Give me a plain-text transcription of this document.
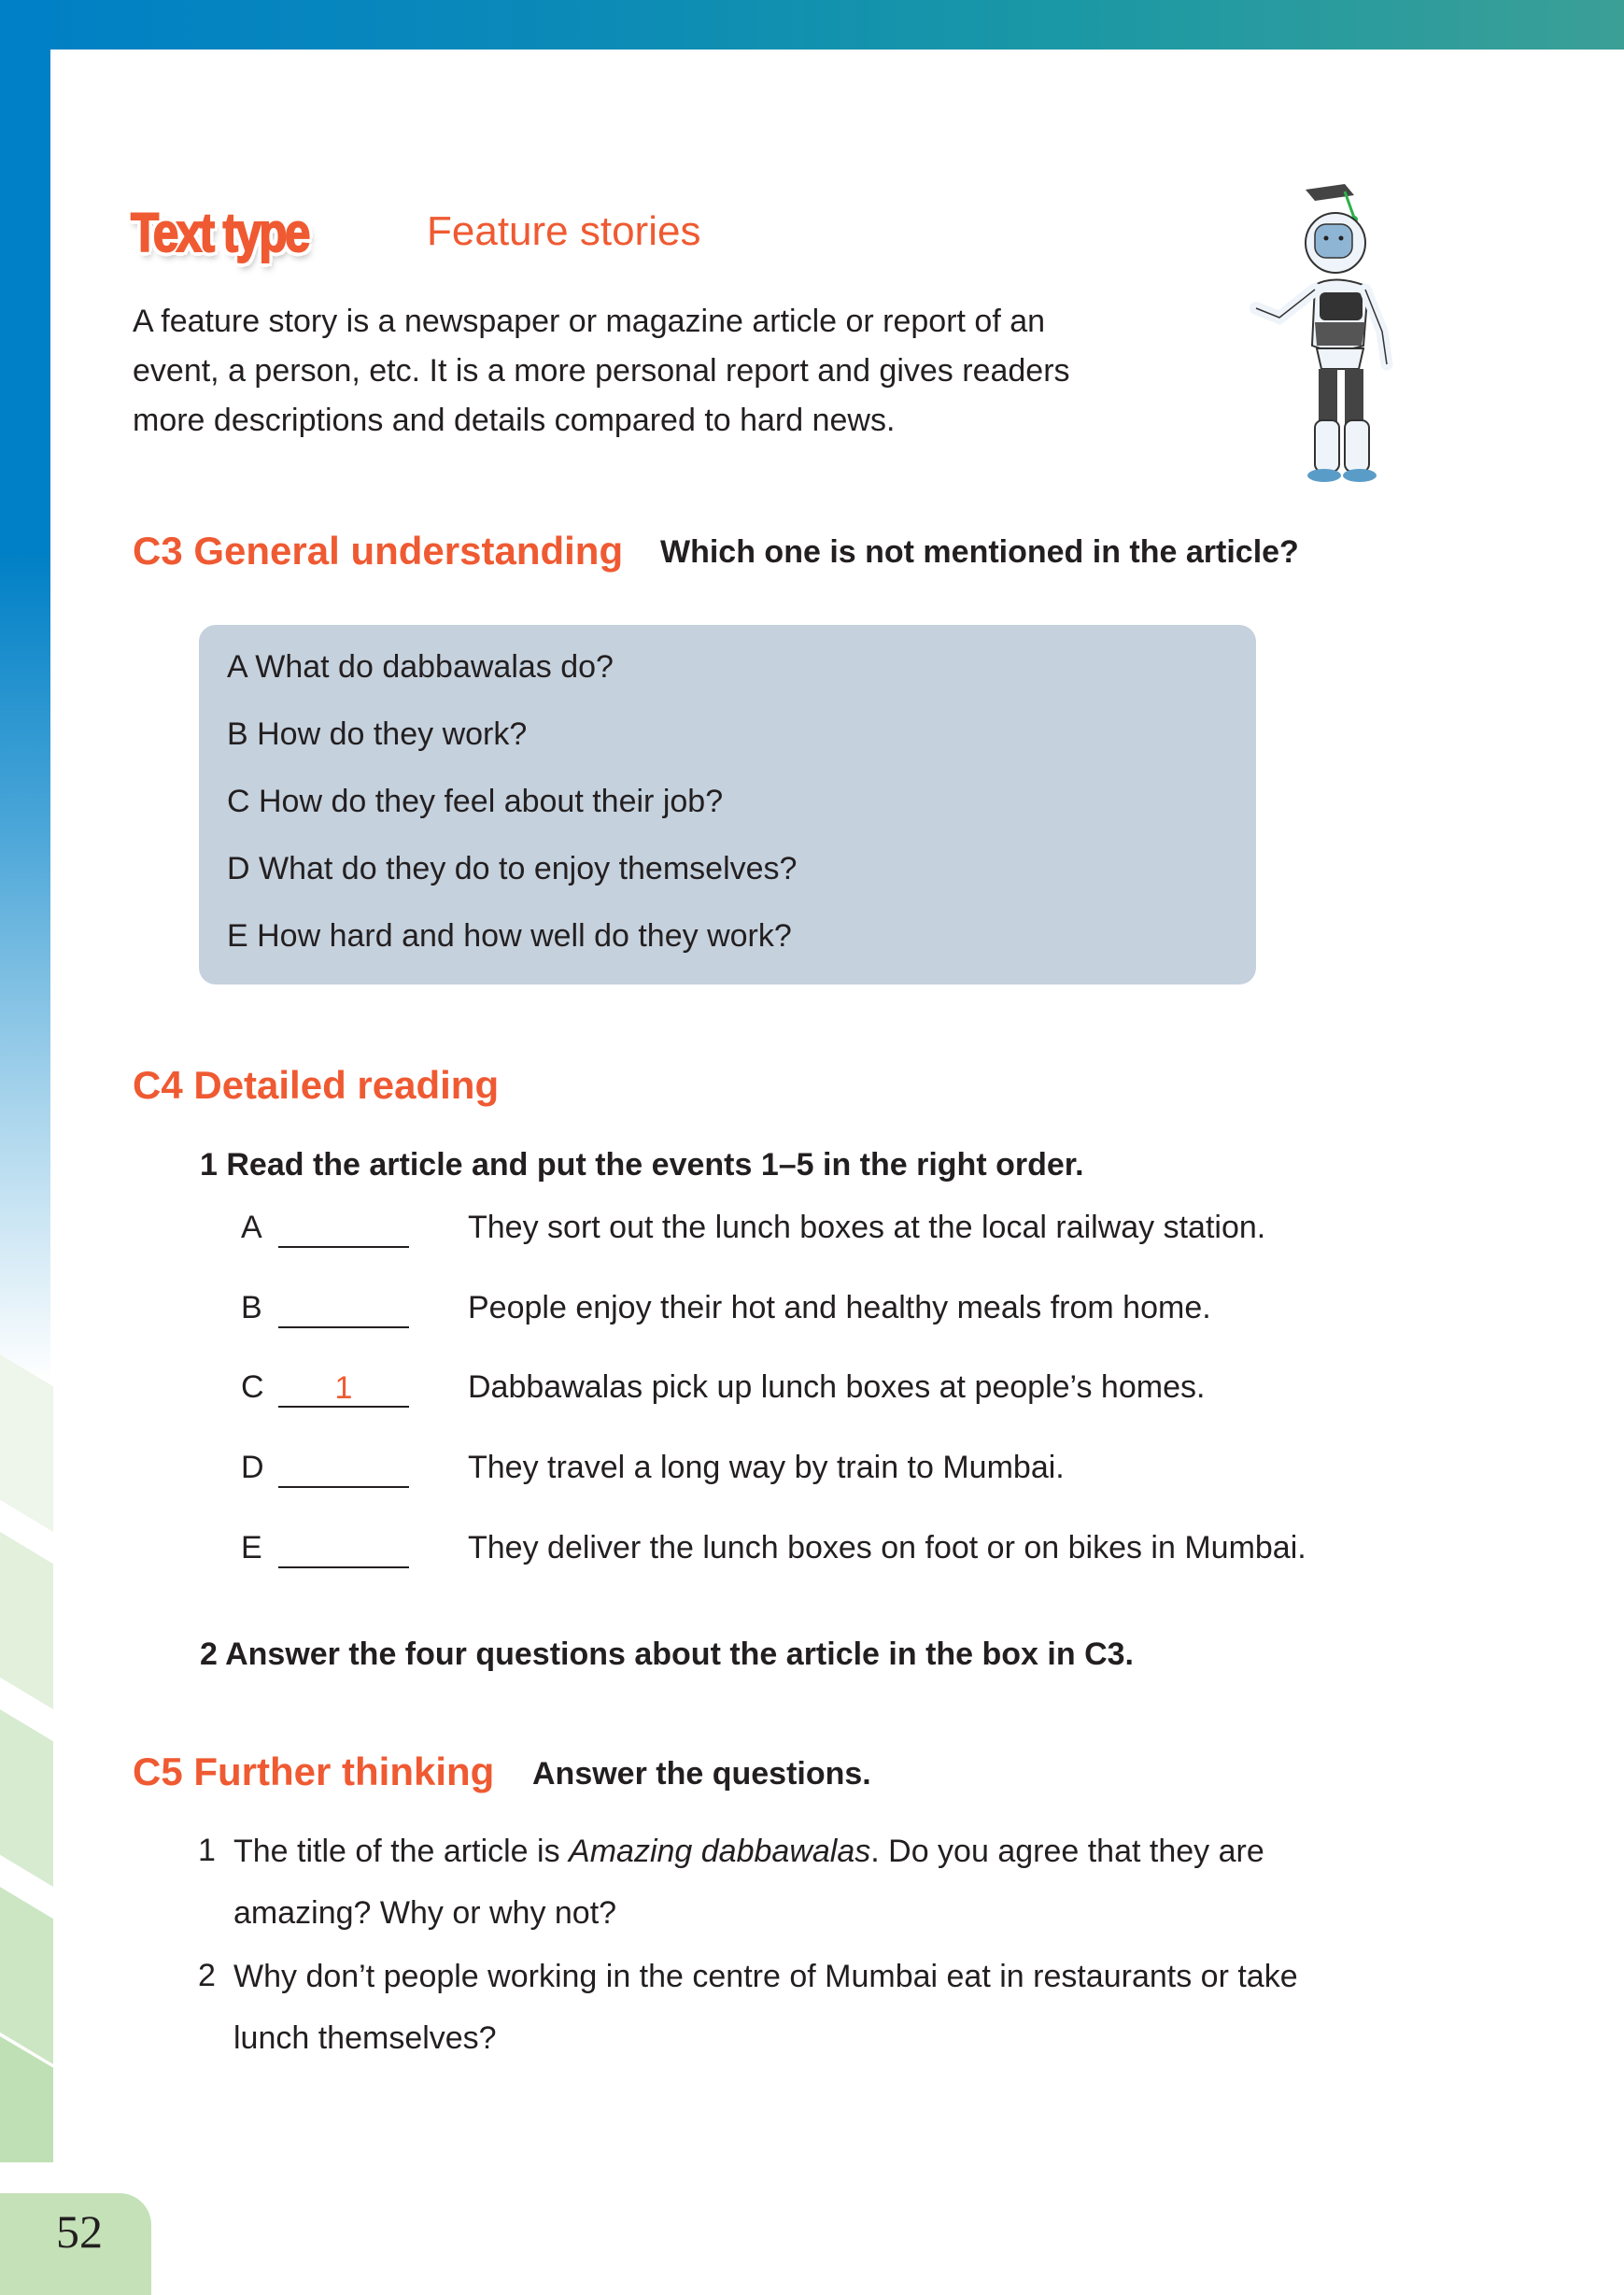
Text type	Feature stories
A feature story is a newspaper or magazine article or report of an
event, a person, etc. It is a more personal report and gives readers
more descriptions and details compared to hard news.
C3 General understanding Which one is not mentioned in the article?
A What do dabbawalas do?
B How do they work?
C How do they feel about their job?
D What do they do to enjoy themselves?
E How hard and how well do they work?
C4 Detailed reading
1 Read the article and put the events 1–5 in the right order.
A	They sort out the lunch boxes at the local railway station.
B	People enjoy their hot and healthy meals from home.
C	1	Dabbawalas pick up lunch boxes at people’s homes.
D	They travel a long way by train to Mumbai.
E	They deliver the lunch boxes on foot or on bikes in Mumbai.
2 Answer the four questions about the article in the box in C3.
C5 Further thinking Answer the questions.
1 The title of the article is Amazing dabbawalas. Do you agree that they are amazing? Why or why not?
2 Why don’t people working in the centre of Mumbai eat in restaurants or take lunch themselves?
52
